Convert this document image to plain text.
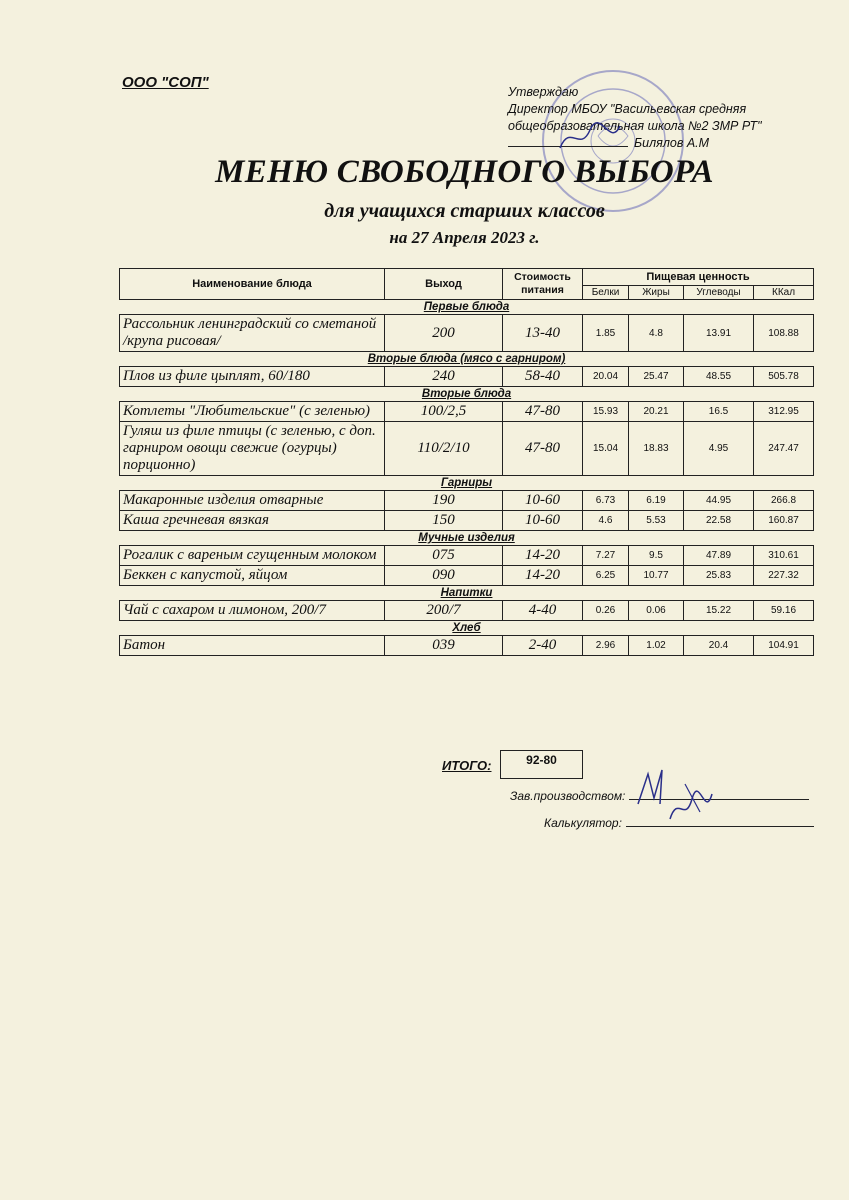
ООО "СОП"
Утверждаю
Директор МБОУ "Васильевская средняя
общеобразовательная школа №2 ЗМР РТ"
Билялов А.М
МЕНЮ СВОБОДНОГО ВЫБОРА
для учащихся старших классов
на 27 Апреля 2023 г.
Наименование блюда	Выход	Стоимость питания	Пищевая ценность			
			Белки	Жиры	Углеводы	ККал
Первые блюда						
Рассольник ленинградский со сметаной /крупа рисовая/	200	13-40	1.85	4.8	13.91	108.88
Вторые блюда (мясо с гарниром)						
Плов из филе цыплят, 60/180	240	58-40	20.04	25.47	48.55	505.78
Вторые блюда						
Котлеты "Любительские" (с зеленью)	100/2,5	47-80	15.93	20.21	16.5	312.95
Гуляш из филе птицы (с зеленью, с доп. гарниром овощи свежие (огурцы) порционно)	110/2/10	47-80	15.04	18.83	4.95	247.47
Гарниры						
Макаронные изделия отварные	190	10-60	6.73	6.19	44.95	266.8
Каша гречневая вязкая	150	10-60	4.6	5.53	22.58	160.87
Мучные изделия						
Рогалик с вареным сгущенным молоком	075	14-20	7.27	9.5	47.89	310.61
Беккен с капустой, яйцом	090	14-20	6.25	10.77	25.83	227.32
Напитки						
Чай с сахаром и лимоном, 200/7	200/7	4-40	0.26	0.06	15.22	59.16
Хлеб						
Батон	039	2-40	2.96	1.02	20.4	104.91
ИТОГО:	92-80
Зав.производством:
Калькулятор:
